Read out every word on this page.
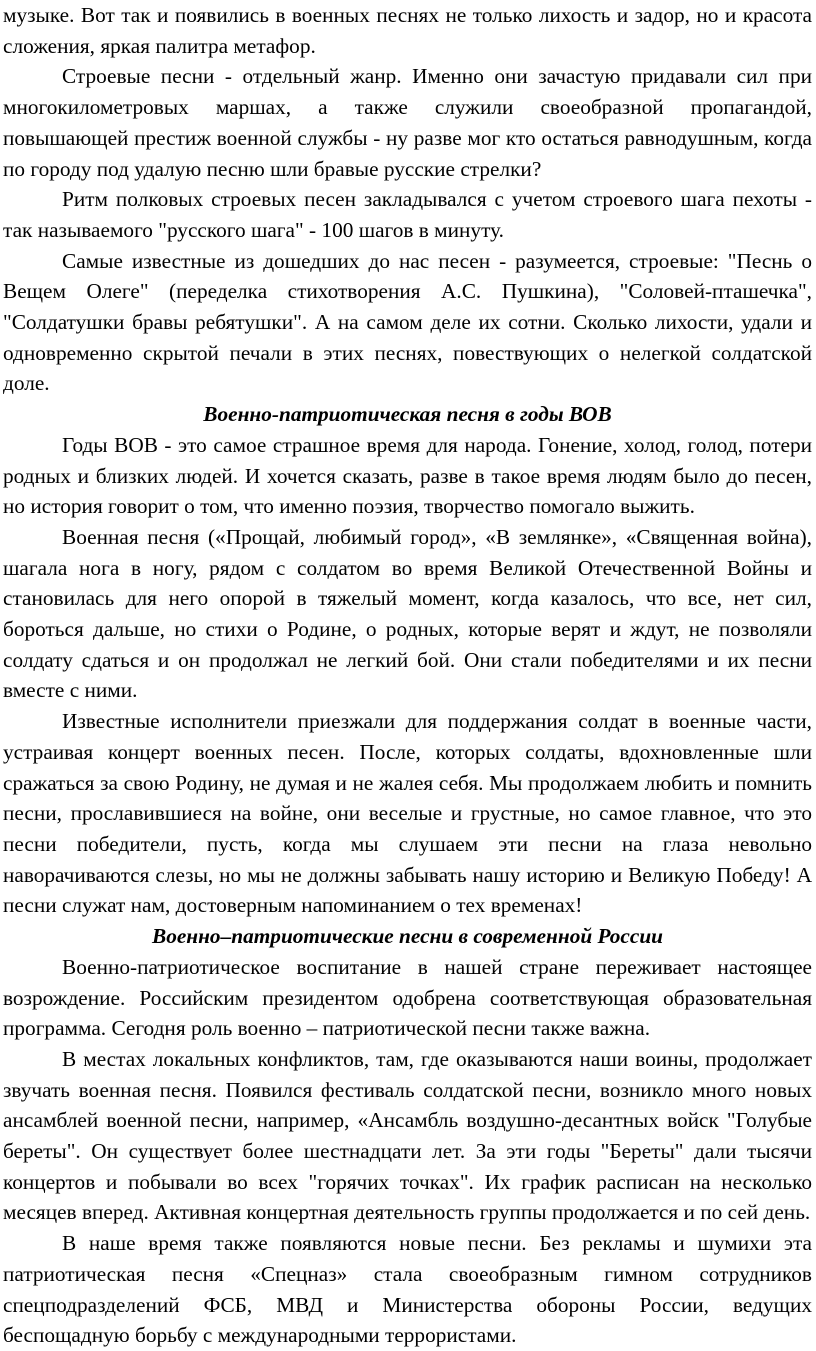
музыке. Вот так и появились в военных песнях не только лихость и задор, но и красота сложения, яркая палитра метафор.

Строевые песни - отдельный жанр. Именно они зачастую придавали сил при многокилометровых маршах, а также служили своеобразной пропагандой, повышающей престиж военной службы - ну разве мог кто остаться равнодушным, когда по городу под удалую песню шли бравые русские стрелки?

Ритм полковых строевых песен закладывался с учетом строевого шага пехоты - так называемого "русского шага" - 100 шагов в минуту.

Самые известные из дошедших до нас песен - разумеется, строевые: "Песнь о Вещем Олеге" (переделка стихотворения А.С. Пушкина), "Соловей-пташечка", "Солдатушки бравы ребятушки". А на самом деле их сотни. Сколько лихости, удали и одновременно скрытой печали в этих песнях, повествующих о нелегкой солдатской доле.

Военно-патриотическая песня в годы ВОВ

Годы ВОВ - это самое страшное время для народа. Гонение, холод, голод, потери родных и близких людей. И хочется сказать, разве в такое время людям было до песен, но история говорит о том, что именно поэзия, творчество помогало выжить.

Военная песня («Прощай, любимый город», «В землянке», «Священная война), шагала нога в ногу, рядом с солдатом во время Великой Отечественной Войны и становилась для него опорой в тяжелый момент, когда казалось, что все, нет сил, бороться дальше, но стихи о Родине, о родных, которые верят и ждут, не позволяли солдату сдаться и он продолжал не легкий бой. Они стали победителями и их песни вместе с ними.

Известные исполнители приезжали для поддержания солдат в военные части, устраивая концерт военных песен. После, которых солдаты, вдохновленные шли сражаться за свою Родину, не думая и не жалея себя. Мы продолжаем любить и помнить песни, прославившиеся на войне, они веселые и грустные, но самое главное, что это песни победители, пусть, когда мы слушаем эти песни на глаза невольно наворачиваются слезы, но мы не должны забывать нашу историю и Великую Победу! А песни служат нам, достоверным напоминанием о тех временах!

Военно–патриотические песни в современной России

Военно-патриотическое воспитание в нашей стране переживает настоящее возрождение. Российским президентом одобрена соответствующая образовательная программа. Сегодня роль военно – патриотической песни также важна.

В местах локальных конфликтов, там, где оказываются наши воины, продолжает звучать военная песня. Появился фестиваль солдатской песни, возникло много новых ансамблей военной песни, например, «Ансамбль воздушно-десантных войск "Голубые береты". Он существует более шестнадцати лет. За эти годы "Береты" дали тысячи концертов и побывали во всех "горячих точках". Их график расписан на несколько месяцев вперед. Активная концертная деятельность группы продолжается и по сей день.

В наше время также появляются новые песни. Без рекламы и шумихи эта патриотическая песня «Спецназ» стала своеобразным гимном сотрудников спецподразделений ФСБ, МВД и Министерства обороны России, ведущих беспощадную борьбу с международными террористами.
